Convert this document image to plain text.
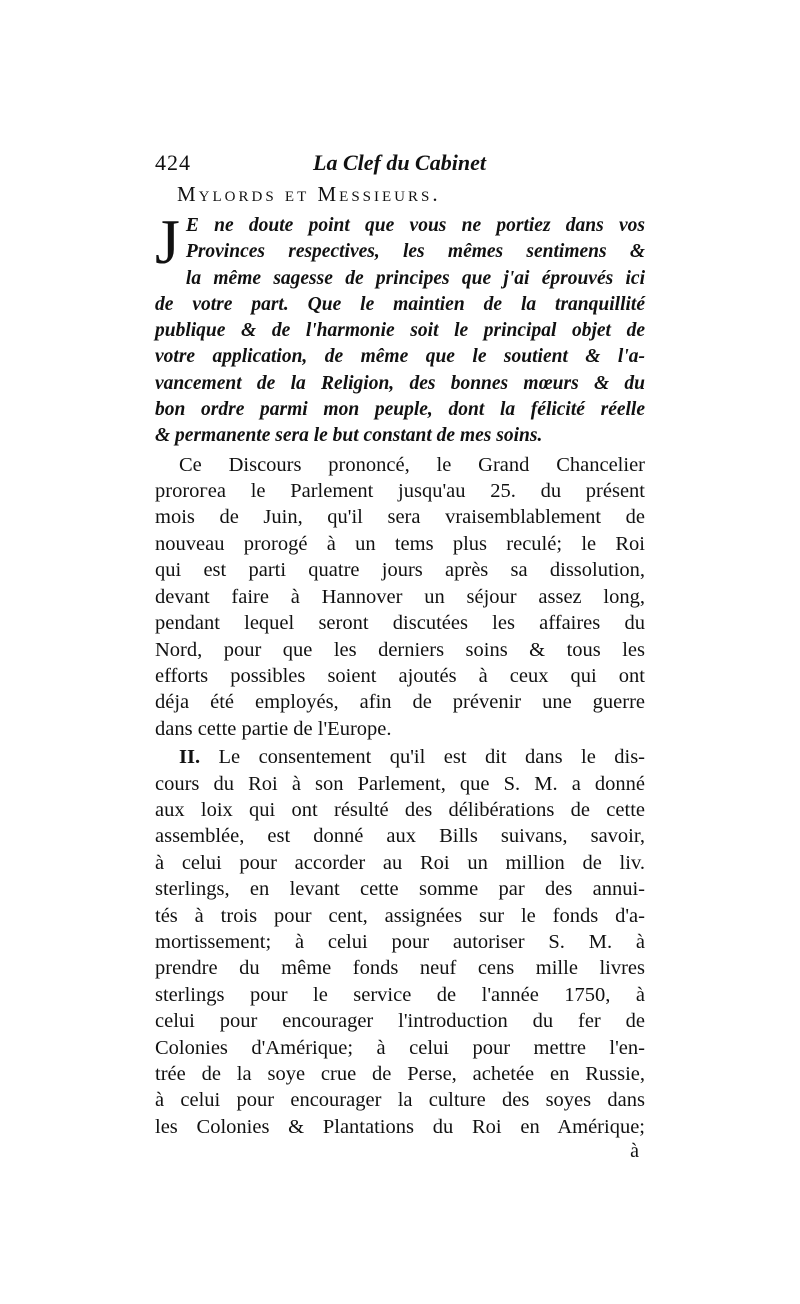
424	La Clef du Cabinet
Mylords et Messieurs.
J E ne doute point que vous ne portiez dans vos
Provinces respectives, les mêmes sentimens &
la même sagesse de principes que j'ai éprouvés ici
de votre part. Que le maintien de la tranquillité
publique & de l'harmonie soit le principal objet de
votre application, de même que le soutient & l'a-
vancement de la Religion, des bonnes mœurs & du
bon ordre parmi mon peuple, dont la félicité réelle
& permanente sera le but constant de mes soins.
Ce Discours prononcé, le Grand Chancelier
proroгea le Parlement jusqu'au 25. du présent
mois de Juin, qu'il sera vraisemblablement de
nouveau prorogé à un tems plus reculé; le Roi
qui est parti quatre jours après sa dissolution,
devant faire à Hannover un séjour assez long,
pendant lequel seront discutées les affaires du
Nord, pour que les derniers soins & tous les
efforts possibles soient ajoutés à ceux qui ont
déja été employés, afin de prévenir une guerre
dans cette partie de l'Europe.
II. Le consentement qu'il est dit dans le dis-
cours du Roi à son Parlement, que S. M. a donné
aux loix qui ont résulté des délibérations de cette
assemblée, est donné aux Bills suivans, savoir,
à celui pour accorder au Roi un million de liv.
sterlings, en levant cette somme par des annui-
tés à trois pour cent, assignées sur le fonds d'a-
mortissement; à celui pour autoriser S. M. à
prendre du même fonds neuf cens mille livres
sterlings pour le service de l'année 1750, à
celui pour encourager l'introduction du fer de
Colonies d'Amérique; à celui pour mettre l'en-
trée de la soye crue de Perse, achetée en Russie,
à celui pour encourager la culture des soyes dans
les Colonies & Plantations du Roi en Amérique;
à
